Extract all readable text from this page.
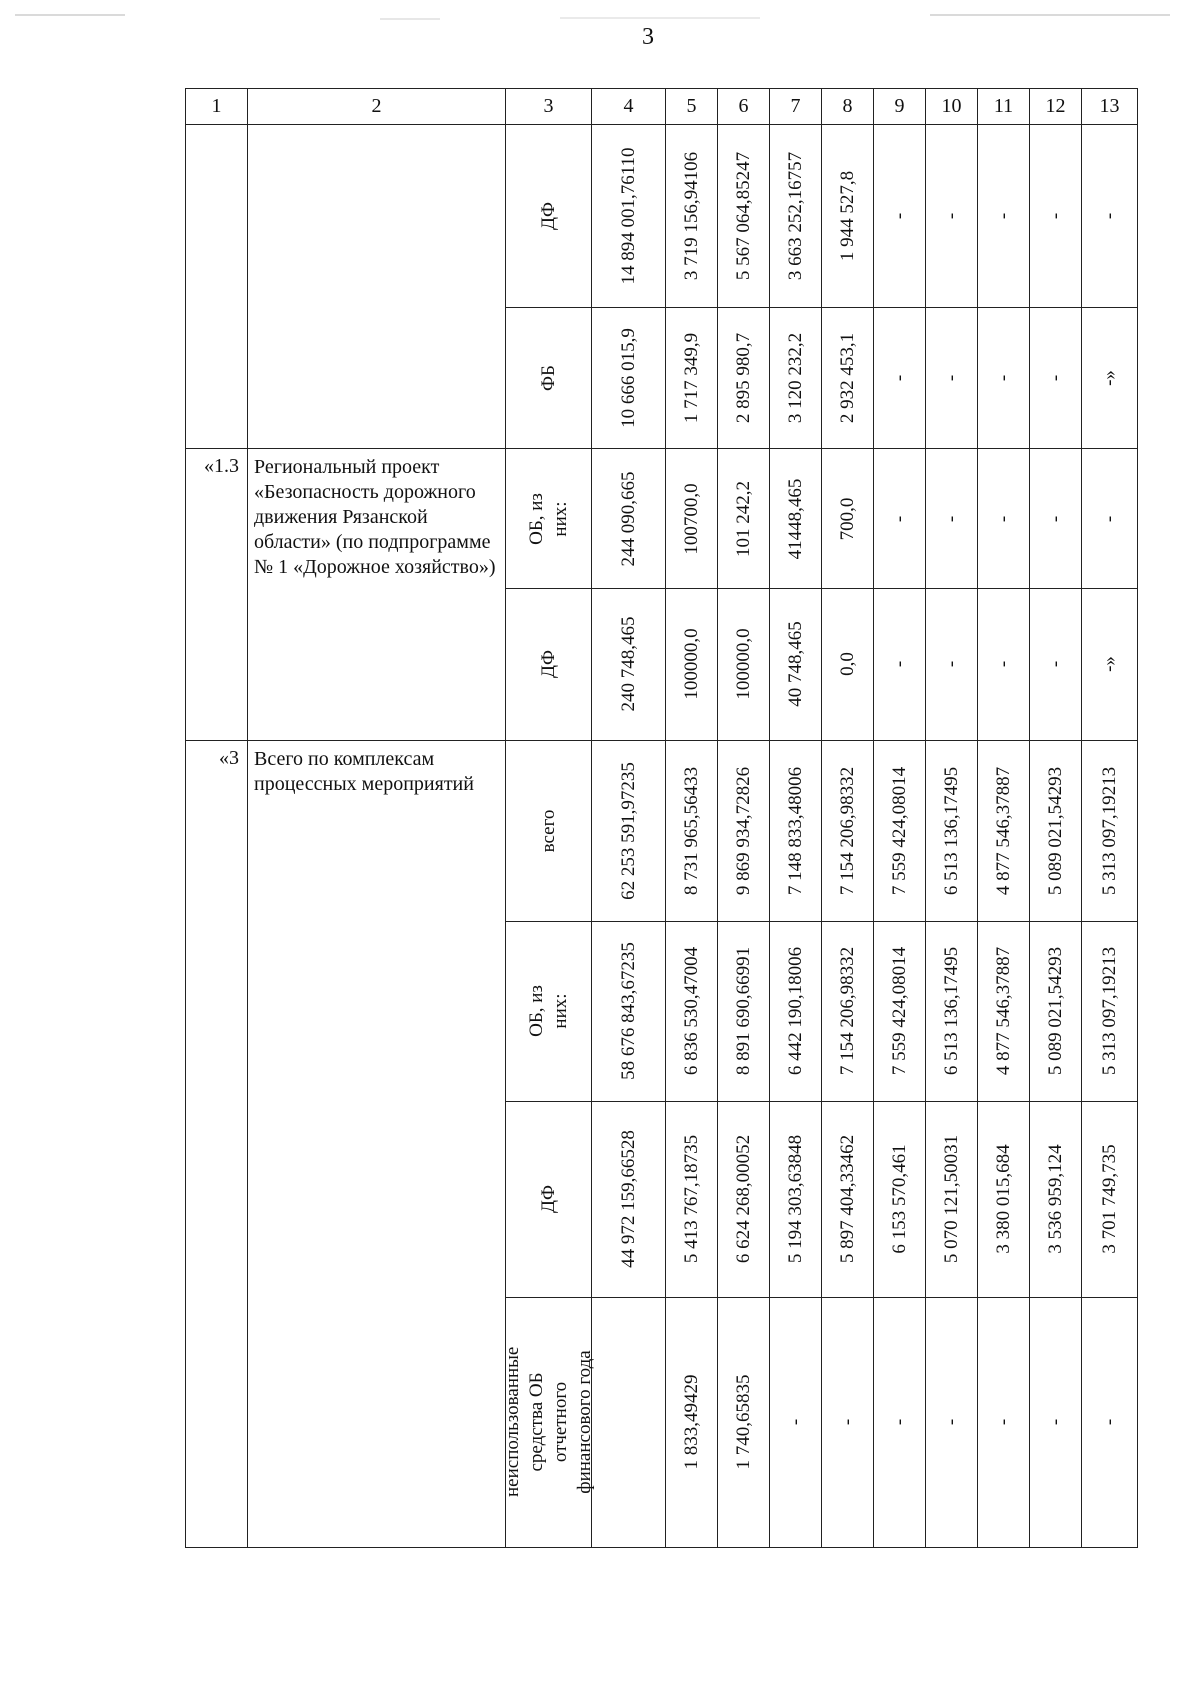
3
1	2	3	4	5	6	7	8	9	10	11	12	13

		ДФ	14 894 001,76110	3 719 156,94106	5 567 064,85247	3 663 252,16757	1 944 527,8	-	-	-	-	-

		ФБ	10 666 015,9	1 717 349,9	2 895 980,7	3 120 232,2	2 932 453,1	-	-	-	-	-»

«1.3	Региональный проект «Безопасность дорожного движения Рязанской области» (по подпрограмме № 1 «Дорожное хозяйство»)	ОБ, из них:	244 090,665	100700,0	101 242,2	41448,465	700,0	-	-	-	-	-

		ДФ	240 748,465	100000,0	100000,0	40 748,465	0,0	-	-	-	-	-»

«3	Всего по комплексам процессных мероприятий	всего	62 253 591,97235	8 731 965,56433	9 869 934,72826	7 148 833,48006	7 154 206,98332	7 559 424,08014	6 513 136,17495	4 877 546,37887	5 089 021,54293	5 313 097,19213

		ОБ, из них:	58 676 843,67235	6 836 530,47004	8 891 690,66991	6 442 190,18006	7 154 206,98332	7 559 424,08014	6 513 136,17495	4 877 546,37887	5 089 021,54293	5 313 097,19213

		ДФ	44 972 159,66528	5 413 767,18735	6 624 268,00052	5 194 303,63848	5 897 404,33462	6 153 570,461	5 070 121,50031	3 380 015,684	3 536 959,124	3 701 749,735

		неиспользованные средства ОБ отчетного финансового года		1 833,49429	1 740,65835	-	-	-	-	-	-	-
